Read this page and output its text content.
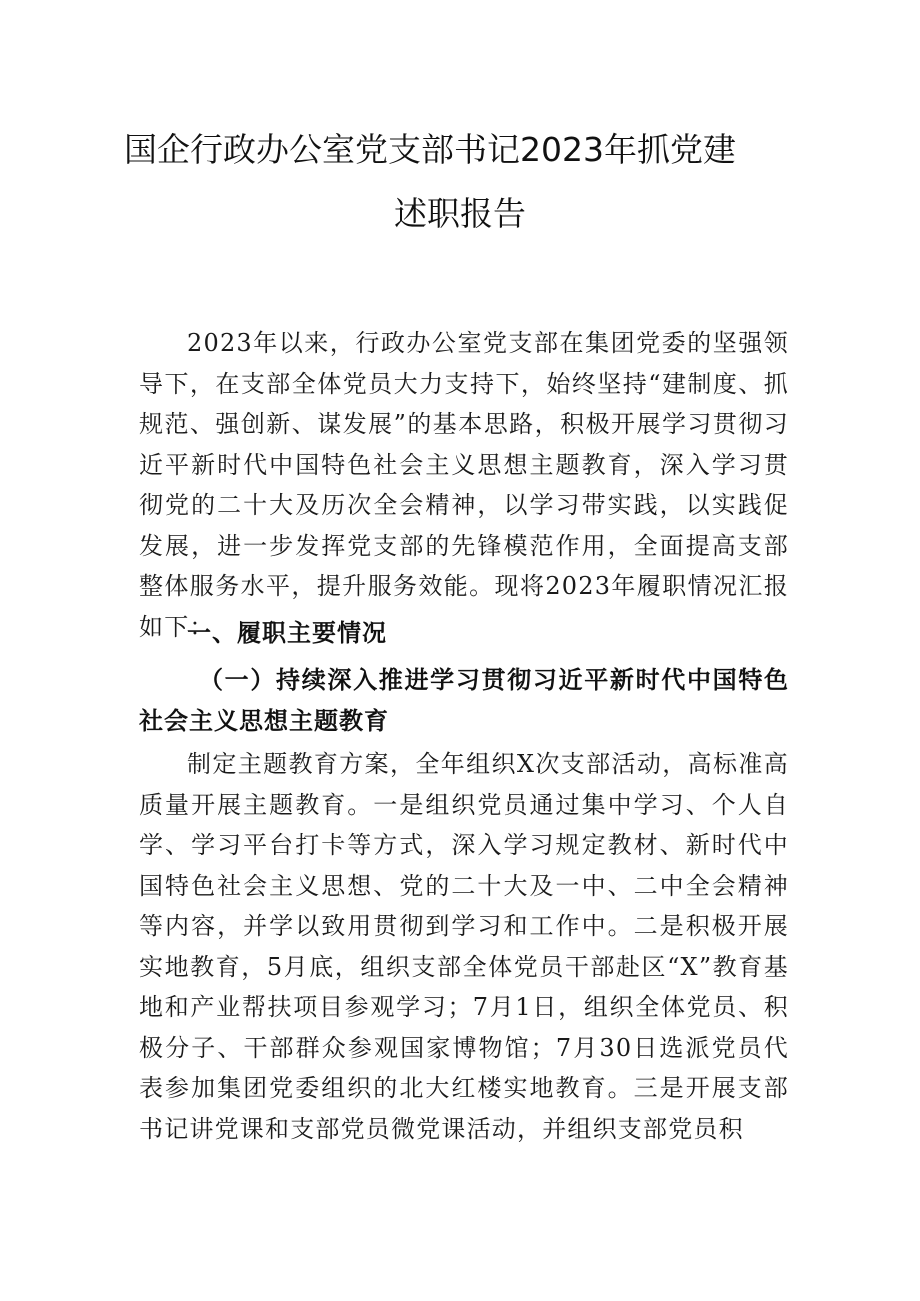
国企行政办公室党支部书记2023年抓党建
述职报告
2023年以来，行政办公室党支部在集团党委的坚强领导下，在支部全体党员大力支持下，始终坚持“建制度、抓规范、强创新、谋发展”的基本思路，积极开展学习贯彻习近平新时代中国特色社会主义思想主题教育，深入学习贯彻党的二十大及历次全会精神，以学习带实践，以实践促发展，进一步发挥党支部的先锋模范作用，全面提高支部整体服务水平，提升服务效能。现将2023年履职情况汇报如下：
一、履职主要情况
（一）持续深入推进学习贯彻习近平新时代中国特色社会主义思想主题教育
制定主题教育方案，全年组织X次支部活动，高标准高质量开展主题教育。一是组织党员通过集中学习、个人自学、学习平台打卡等方式，深入学习规定教材、新时代中国特色社会主义思想、党的二十大及一中、二中全会精神等内容，并学以致用贯彻到学习和工作中。二是积极开展实地教育，5月底，组织支部全体党员干部赴区“X”教育基地和产业帮扶项目参观学习；7月1日，组织全体党员、积极分子、干部群众参观国家博物馆；7月30日选派党员代表参加集团党委组织的北大红楼实地教育。三是开展支部书记讲党课和支部党员微党课活动，并组织支部党员积
